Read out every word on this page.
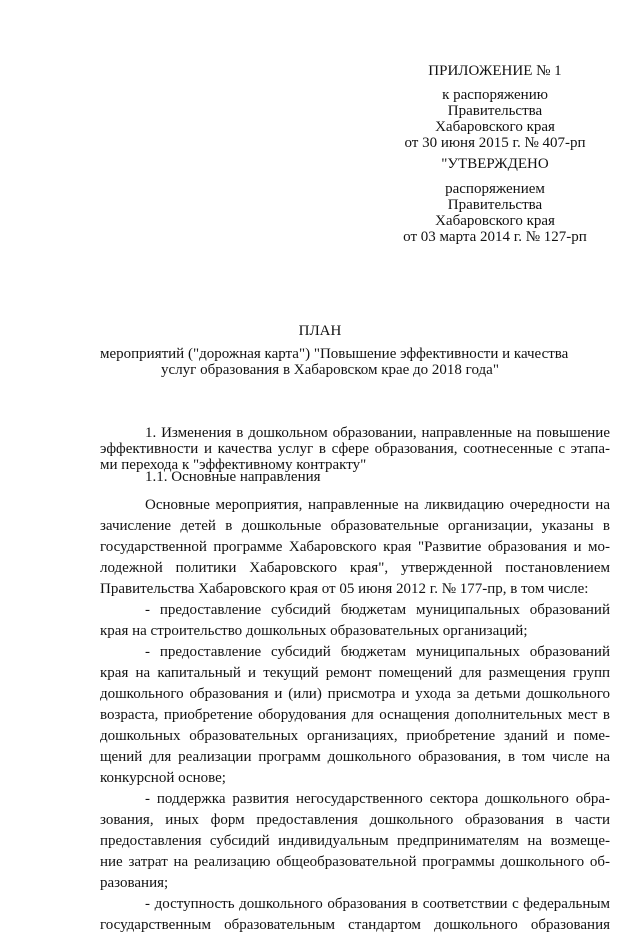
ПРИЛОЖЕНИЕ № 1
к распоряжению
Правительства
Хабаровского края
от 30 июня 2015 г. № 407-рп
"УТВЕРЖДЕНО
распоряжением
Правительства
Хабаровского края
от 03 марта 2014 г. № 127-рп
ПЛАН
мероприятий ("дорожная карта") "Повышение эффективности и качества
услуг образования в Хабаровском крае до 2018 года"
1. Изменения в дошкольном образовании, направленные на повышение
эффективности и качества услуг в сфере образования, соотнесенные с этапа-
ми перехода к "эффективному контракту"
1.1. Основные направления
Основные мероприятия, направленные на ликвидацию очередности на
зачисление детей в дошкольные образовательные организации, указаны в
государственной программе Хабаровского края "Развитие образования и мо-
лодежной политики Хабаровского края", утвержденной постановлением
Правительства Хабаровского края от 05 июня 2012 г. № 177-пр, в том числе:
- предоставление субсидий бюджетам муниципальных образований
края на строительство дошкольных образовательных организаций;
- предоставление субсидий бюджетам муниципальных образований
края на капитальный и текущий ремонт помещений для размещения групп
дошкольного образования и (или) присмотра и ухода за детьми дошкольного
возраста, приобретение оборудования для оснащения дополнительных мест в
дошкольных образовательных организациях, приобретение зданий и поме-
щений для реализации программ дошкольного образования, в том числе на
конкурсной основе;
- поддержка развития негосударственного сектора дошкольного обра-
зования, иных форм предоставления дошкольного образования в части
предоставления субсидий индивидуальным предпринимателям на возмеще-
ние затрат на реализацию общеобразовательной программы дошкольного об-
разования;
- доступность дошкольного образования в соответствии с федеральным
государственным образовательным стандартом дошкольного образования
